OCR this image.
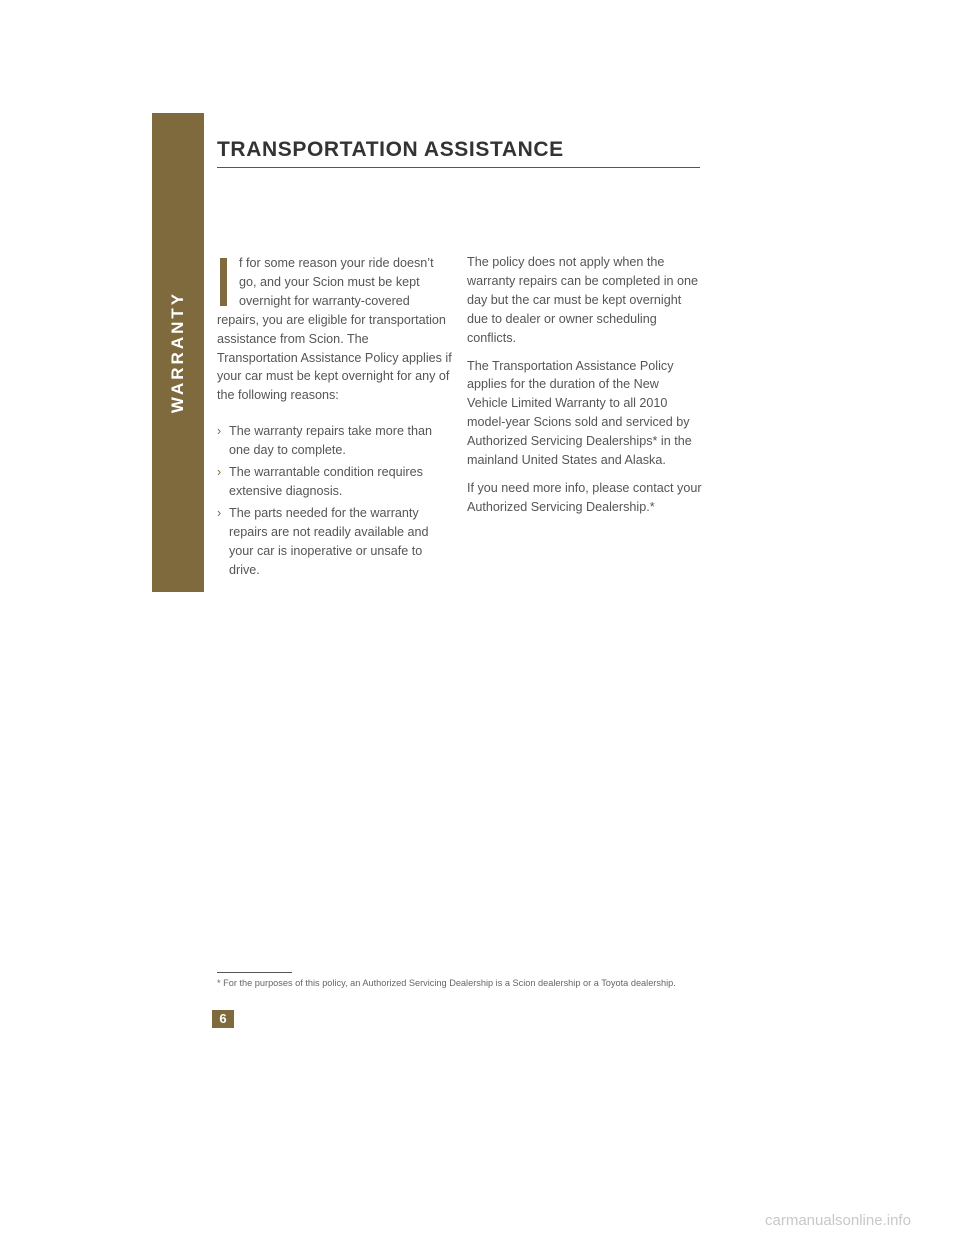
WARRANTY
TRANSPORTATION ASSISTANCE

f for some reason your ride doesn’t go, and your Scion must be kept overnight for warranty-covered repairs, you are eligible for transportation assistance from Scion. The Transportation Assistance Policy applies if your car must be kept overnight for any of the following reasons:

› The warranty repairs take more than one day to complete.
› The warrantable condition requires extensive diagnosis.
› The parts needed for the warranty repairs are not readily available and your car is inoperative or unsafe to drive.

The policy does not apply when the warranty repairs can be completed in one day but the car must be kept overnight due to dealer or owner scheduling conflicts.

The Transportation Assistance Policy applies for the duration of the New Vehicle Limited Warranty to all 2010 model-year Scions sold and serviced by Authorized Servicing Dealerships* in the mainland United States and Alaska.

If you need more info, please contact your Authorized Servicing Dealership.*

* For the purposes of this policy, an Authorized Servicing Dealership is a Scion dealership or a Toyota dealership.
6
carmanualsonline.info
